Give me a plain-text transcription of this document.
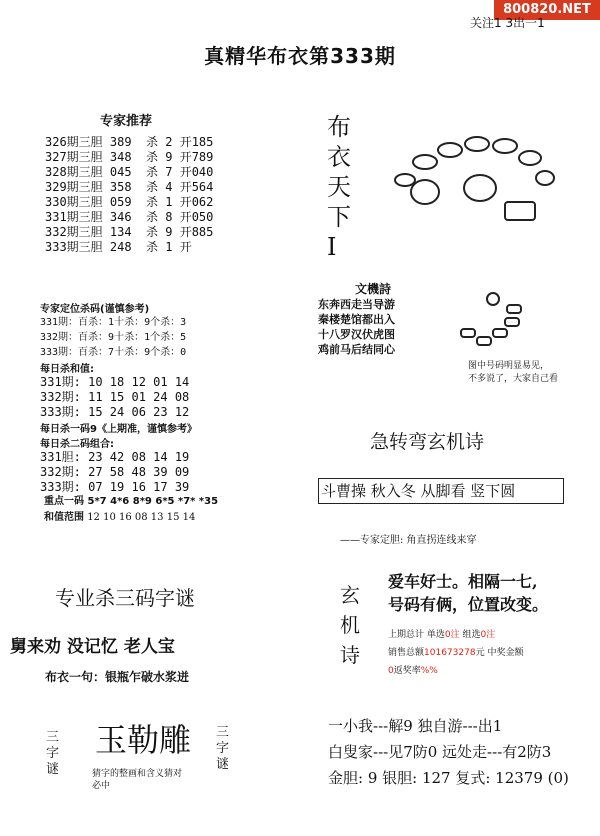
800820.NET
关注1 3出一1
真精华布衣第333期
专家推荐
326期三胆 389  杀 2 开185
327期三胆 348  杀 9 开789
328期三胆 045  杀 7 开040
329期三胆 358  杀 4 开564
330期三胆 059  杀 1 开062
331期三胆 346  杀 8 开050
332期三胆 134  杀 9 开885
333期三胆 248  杀 1 开
专家定位杀码(谨慎参考)
331期：百杀：1十杀：9个杀：3
332期：百杀：9十杀：1个杀：5
333期：百杀：7十杀：9个杀：0
每日杀和值:
331期: 10 18 12 01 14
332期: 11 15 01 24 08
333期: 15 24 06 23 12
每日杀一码9《上期准，谨慎参考》
每日杀二码组合:
331胆: 23 42 08 14 19
332期: 27 58 48 39 09
333期: 07 19 16 17 39
重点一码 5*7 4*6 8*9 6*5 *7* *35
和值范围 12 10 16 08 13 15 14
专业杀三码字谜
舅来劝 没记忆 老人宝
布衣一句：银瓶乍破水浆迸
三字谜
玉勒雕 三字谜
猜字的整画和含义猜对必中
布衣天下I
文機詩
东奔西走当导游
秦楼楚馆都出入
十八罗汉伏虎图
鸡前马后结同心
图中号码明显易见，
不多说了，大家自己看
急转弯玄机诗
斗曹操 秋入冬 从脚看 竖下圆
——专家定胆: 角直拐连线来穿
玄机诗
爱车好士。相隔一七,
号码有俩，位置改变。
上期总计 单选0注 组选0注
销售总额101673278元 中奖金额
0返奖率%%
一小我---解9 独自游---出1
白叟家---见7防0 远处走---有2防3
金胆: 9 银胆: 127 复式: 12379 (0)
